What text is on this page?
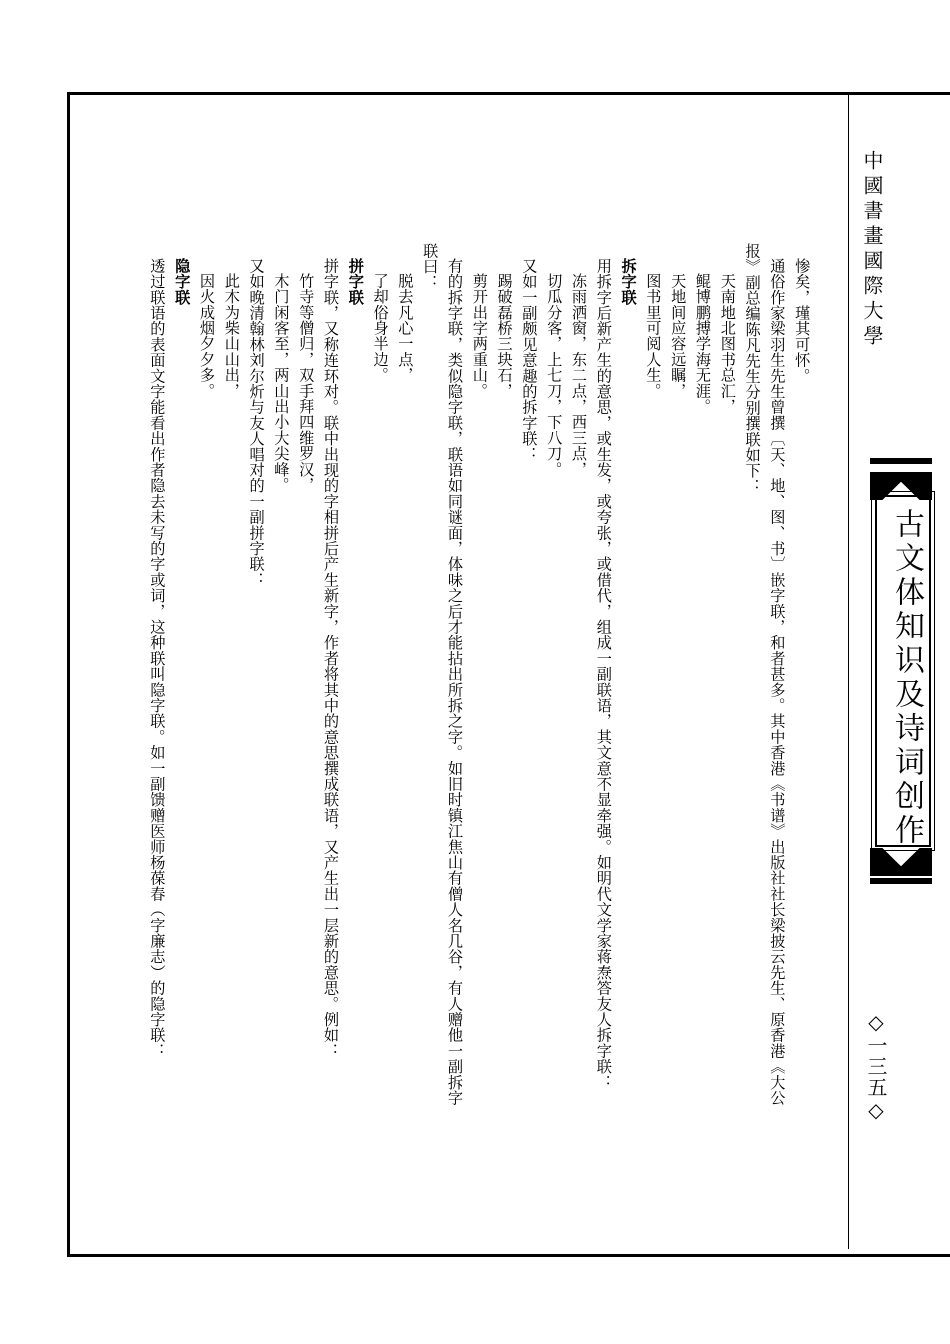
中國書畫國際大學
古文体知识及诗词创作
◇一三五◇
惨矣，瑾其可怀。
通俗作家梁羽生先生曾撰〔天、地、图、书〕嵌字联，和者甚多。其中香港《书谱》出版社社长梁披云先生、原香港《大公
报》副总编陈凡先生分别撰联如下：
天南地北图书总汇，
鲲博鹏搏学海无涯。
天地间应容远瞩，
图书里可阅人生。
拆字联
用拆字后新产生的意思，或生发，或夸张，或借代，组成一副联语，其文意不显牵强。如明代文学家蒋焘答友人拆字联：
冻雨洒窗，东二点，西三点，
切瓜分客，上七刀，下八刀。
又如一副颇见意趣的拆字联：
踢破磊桥三块石，
剪开出字两重山。
有的拆字联，类似隐字联，联语如同谜面，体味之后才能拈出所拆之字。如旧时镇江焦山有僧人名几谷，有人赠他一副拆字
联曰：
脱去凡心一点，
了却俗身半边。
拼字联
拼字联，又称连环对。联中出现的字相拼后产生新字，作者将其中的意思撰成联语，又产生出一层新的意思。例如：
竹寺等僧归，双手拜四维罗汉，
木门闲客至，两山出小大尖峰。
又如晚清翰林刘尔炘与友人唱对的一副拼字联：
此木为柴山山出，
因火成烟夕夕多。
隐字联
透过联语的表面文字能看出作者隐去未写的字或词，这种联叫隐字联。如一副馈赠医师杨葆春（字廉志）的隐字联：
